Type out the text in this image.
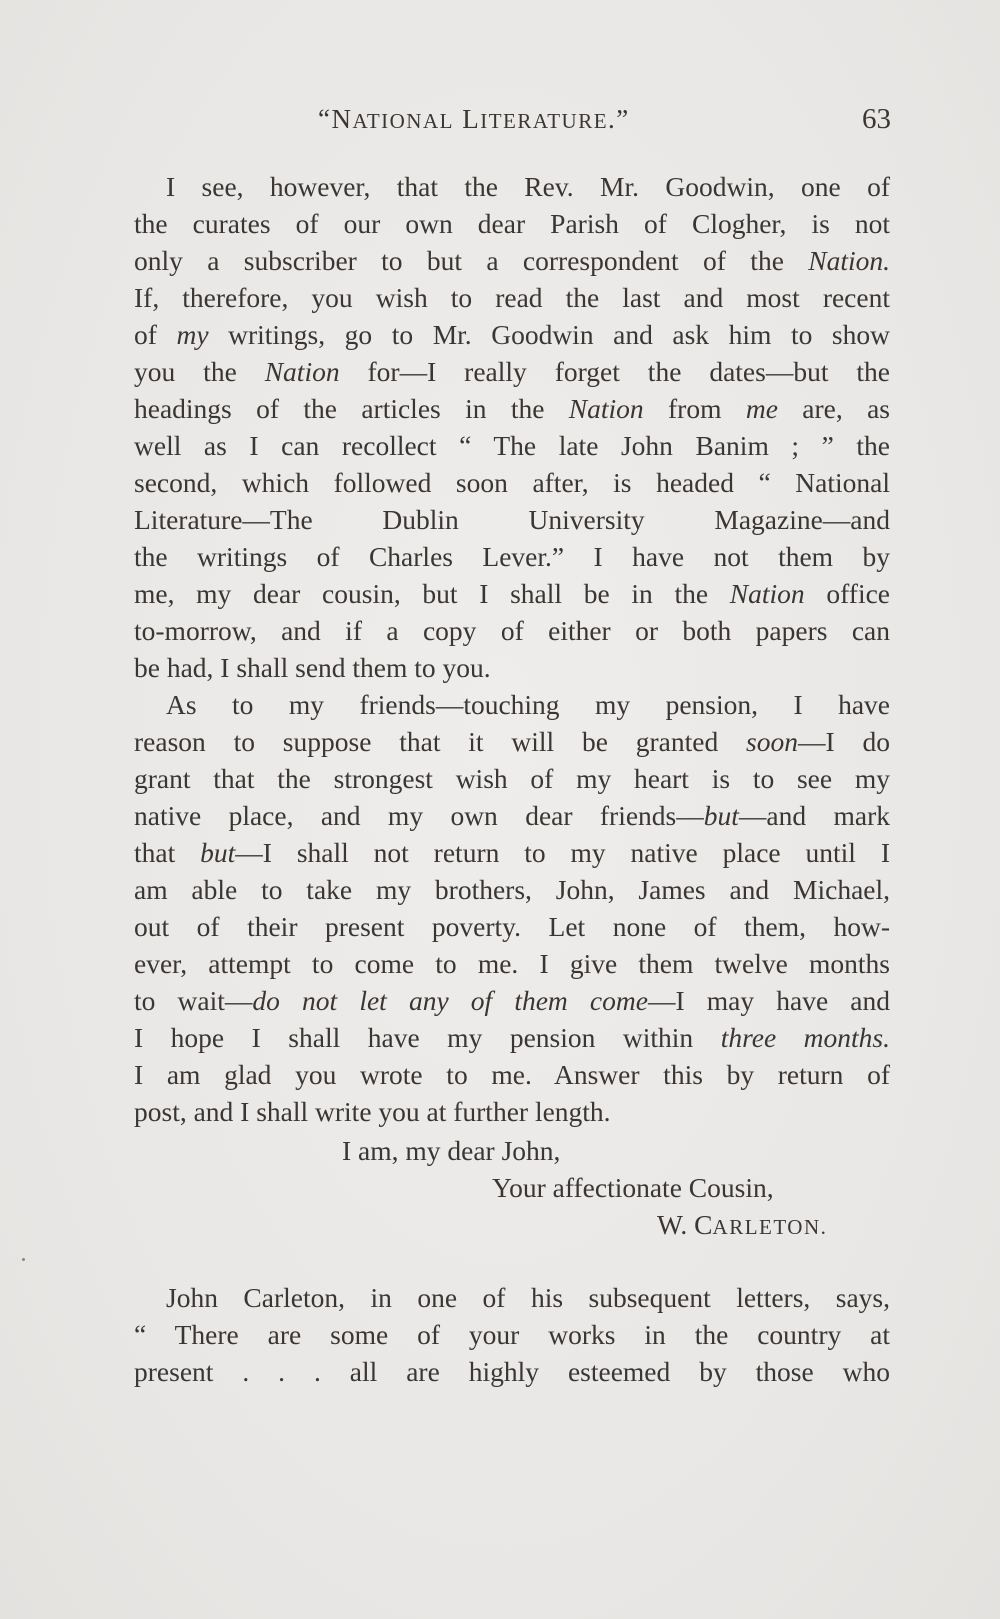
“NATIONAL LITERATURE.”	63
I see, however, that the Rev. Mr. Goodwin, one of
the curates of our own dear Parish of Clogher, is not
only a subscriber to but a correspondent of the Nation.
If, therefore, you wish to read the last and most recent
of my writings, go to Mr. Goodwin and ask him to show
you the Nation for—I really forget the dates—but the
headings of the articles in the Nation from me are, as
well as I can recollect “ The late John Banim ; ” the
second, which followed soon after, is headed “ National
Literature—The Dublin University Magazine—and
the writings of Charles Lever.” I have not them by
me, my dear cousin, but I shall be in the Nation office
to-morrow, and if a copy of either or both papers can
be had, I shall send them to you.
As to my friends—touching my pension, I have
reason to suppose that it will be granted soon—I do
grant that the strongest wish of my heart is to see my
native place, and my own dear friends—but—and mark
that but—I shall not return to my native place until I
am able to take my brothers, John, James and Michael,
out of their present poverty. Let none of them, how-
ever, attempt to come to me. I give them twelve months
to wait—do not let any of them come—I may have and
I hope I shall have my pension within three months.
I am glad you wrote to me. Answer this by return of
post, and I shall write you at further length.
I am, my dear John,
Your affectionate Cousin,
W. CARLETON.
John Carleton, in one of his subsequent letters, says,
“ There are some of your works in the country at
present . . . all are highly esteemed by those who
